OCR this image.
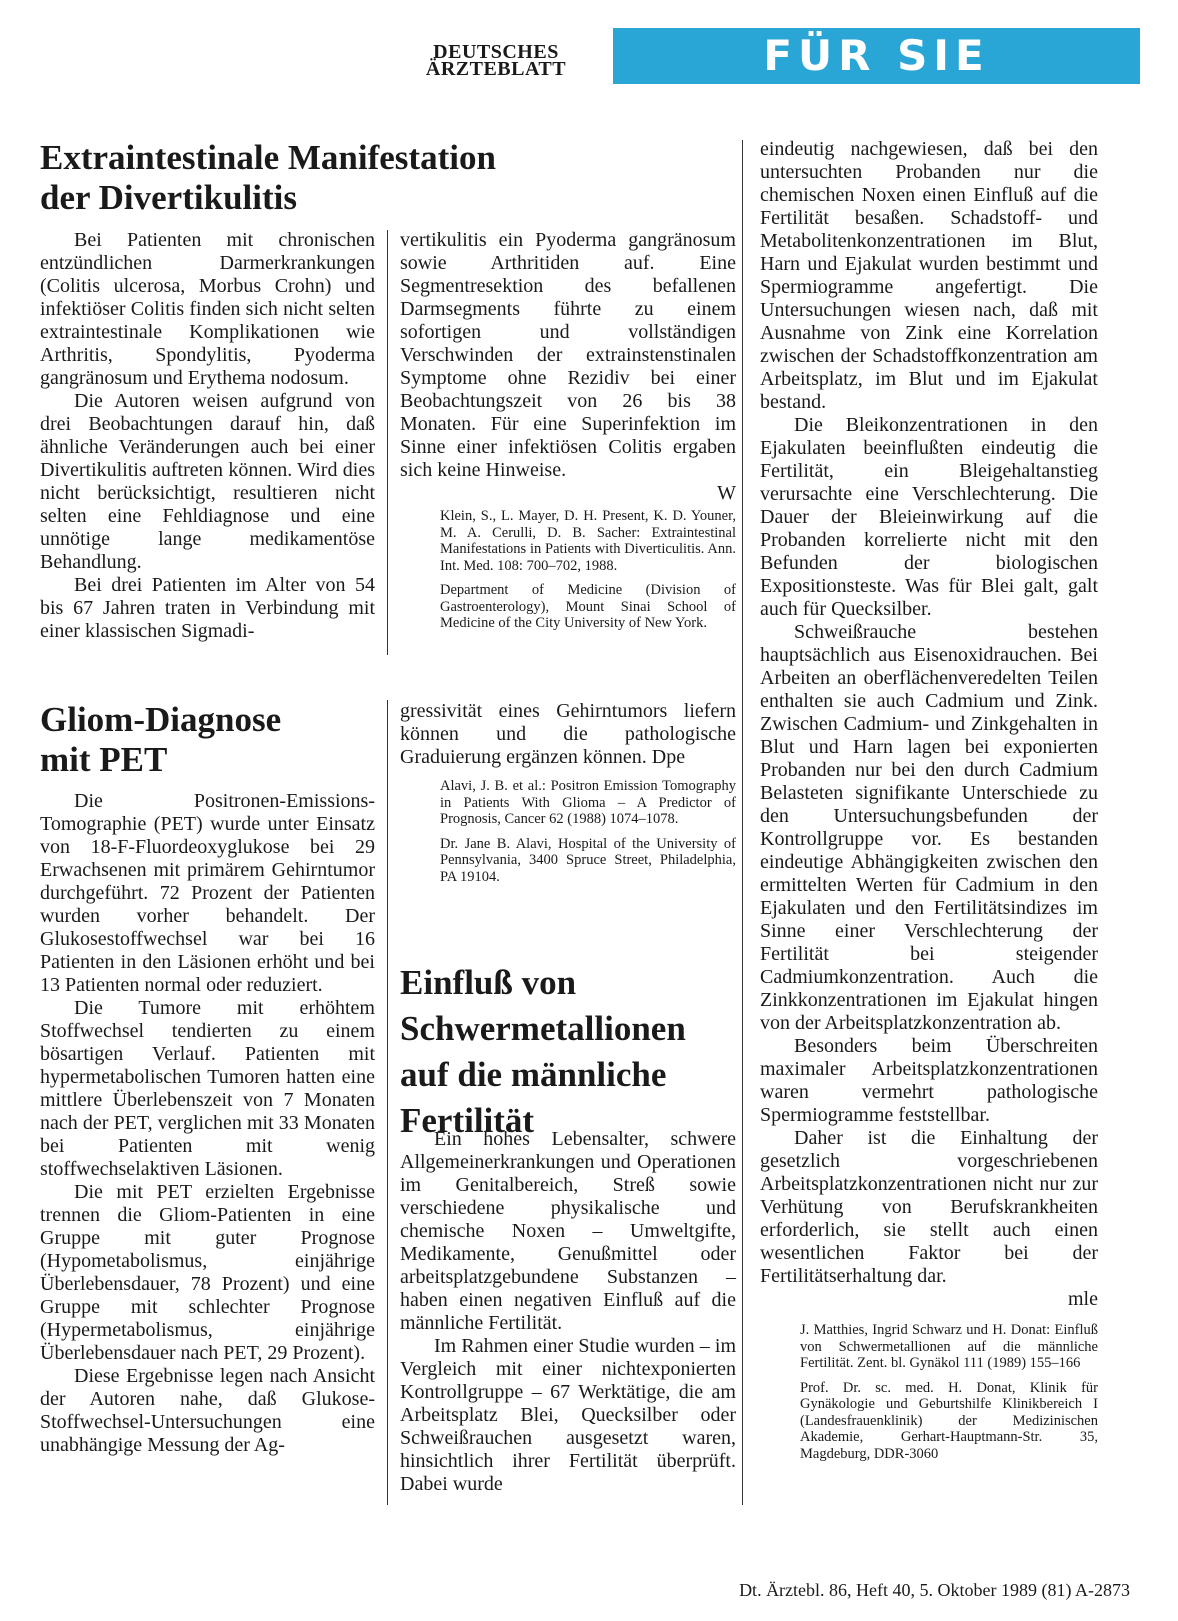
DEUTSCHES
ÄRZTEBLATT	FÜR SIE REFERIERT
Extraintestinale Manifestation
der Divertikulitis

Bei Patienten mit chronischen entzündlichen Darmerkrankungen (Colitis ulcerosa, Morbus Crohn) und infektiöser Colitis finden sich nicht selten extraintestinale Komplikationen wie Arthritis, Spondylitis, Pyoderma gangränosum und Erythema nodosum.

Die Autoren weisen aufgrund von drei Beobachtungen darauf hin, daß ähnliche Veränderungen auch bei einer Divertikulitis auftreten können. Wird dies nicht berücksichtigt, resultieren nicht selten eine Fehldiagnose und eine unnötige lange medikamentöse Behandlung.

Bei drei Patienten im Alter von 54 bis 67 Jahren traten in Verbindung mit einer klassischen Sigmadi-

vertikulitis ein Pyoderma gangränosum sowie Arthritiden auf. Eine Segmentresektion des befallenen Darmsegments führte zu einem sofortigen und vollständigen Verschwinden der extrainstenstinalen Symptome ohne Rezidiv bei einer Beobachtungszeit von 26 bis 38 Monaten. Für eine Superinfektion im Sinne einer infektiösen Colitis ergaben sich keine Hinweise.

W

Klein, S., L. Mayer, D. H. Present, K. D. Youner, M. A. Cerulli, D. B. Sacher: Extraintestinal Manifestations in Patients with Diverticulitis. Ann. Int. Med. 108: 700–702, 1988.

Department of Medicine (Division of Gastroenterology), Mount Sinai School of Medicine of the City University of New York.

Gliom-Diagnose
mit PET

Die Positronen-Emissions-Tomographie (PET) wurde unter Einsatz von 18-F-Fluordeoxyglukose bei 29 Erwachsenen mit primärem Gehirntumor durchgeführt. 72 Prozent der Patienten wurden vorher behandelt. Der Glukosestoffwechsel war bei 16 Patienten in den Läsionen erhöht und bei 13 Patienten normal oder reduziert.

Die Tumore mit erhöhtem Stoffwechsel tendierten zu einem bösartigen Verlauf. Patienten mit hypermetabolischen Tumoren hatten eine mittlere Überlebenszeit von 7 Monaten nach der PET, verglichen mit 33 Monaten bei Patienten mit wenig stoffwechselaktiven Läsionen.

Die mit PET erzielten Ergebnisse trennen die Gliom-Patienten in eine Gruppe mit guter Prognose (Hypometabolismus, einjährige Überlebensdauer, 78 Prozent) und eine Gruppe mit schlechter Prognose (Hypermetabolismus, einjährige Überlebensdauer nach PET, 29 Prozent).

Diese Ergebnisse legen nach Ansicht der Autoren nahe, daß Glukose-Stoffwechsel-Untersuchungen eine unabhängige Messung der Ag-

gressivität eines Gehirntumors liefern können und die pathologische Graduierung ergänzen können. Dpe

Alavi, J. B. et al.: Positron Emission Tomography in Patients With Glioma – A Predictor of Prognosis, Cancer 62 (1988) 1074–1078.

Dr. Jane B. Alavi, Hospital of the University of Pennsylvania, 3400 Spruce Street, Philadelphia, PA 19104.

Einfluß von
Schwermetallionen
auf die männliche
Fertilität

Ein hohes Lebensalter, schwere Allgemeinerkrankungen und Operationen im Genitalbereich, Streß sowie verschiedene physikalische und chemische Noxen – Umweltgifte, Medikamente, Genußmittel oder arbeitsplatzgebundene Substanzen – haben einen negativen Einfluß auf die männliche Fertilität.

Im Rahmen einer Studie wurden – im Vergleich mit einer nichtexponierten Kontrollgruppe – 67 Werktätige, die am Arbeitsplatz Blei, Quecksilber oder Schweißrauchen ausgesetzt waren, hinsichtlich ihrer Fertilität überprüft. Dabei wurde

eindeutig nachgewiesen, daß bei den untersuchten Probanden nur die chemischen Noxen einen Einfluß auf die Fertilität besaßen. Schadstoff- und Metabolitenkonzentrationen im Blut, Harn und Ejakulat wurden bestimmt und Spermiogramme angefertigt. Die Untersuchungen wiesen nach, daß mit Ausnahme von Zink eine Korrelation zwischen der Schadstoffkonzentration am Arbeitsplatz, im Blut und im Ejakulat bestand.

Die Bleikonzentrationen in den Ejakulaten beeinflußten eindeutig die Fertilität, ein Bleigehaltanstieg verursachte eine Verschlechterung. Die Dauer der Bleieinwirkung auf die Probanden korrelierte nicht mit den Befunden der biologischen Expositionsteste. Was für Blei galt, galt auch für Quecksilber.

Schweißrauche bestehen hauptsächlich aus Eisenoxidrauchen. Bei Arbeiten an oberflächenveredelten Teilen enthalten sie auch Cadmium und Zink. Zwischen Cadmium- und Zinkgehalten in Blut und Harn lagen bei exponierten Probanden nur bei den durch Cadmium Belasteten signifikante Unterschiede zu den Untersuchungsbefunden der Kontrollgruppe vor. Es bestanden eindeutige Abhängigkeiten zwischen den ermittelten Werten für Cadmium in den Ejakulaten und den Fertilitätsindizes im Sinne einer Verschlechterung der Fertilität bei steigender Cadmiumkonzentration. Auch die Zinkkonzentrationen im Ejakulat hingen von der Arbeitsplatzkonzentration ab.

Besonders beim Überschreiten maximaler Arbeitsplatzkonzentrationen waren vermehrt pathologische Spermiogramme feststellbar.

Daher ist die Einhaltung der gesetzlich vorgeschriebenen Arbeitsplatzkonzentrationen nicht nur zur Verhütung von Berufskrankheiten erforderlich, sie stellt auch einen wesentlichen Faktor bei der Fertilitätserhaltung dar.

mle

J. Matthies, Ingrid Schwarz und H. Donat: Einfluß von Schwermetallionen auf die männliche Fertilität. Zent. bl. Gynäkol 111 (1989) 155–166

Prof. Dr. sc. med. H. Donat, Klinik für Gynäkologie und Geburtshilfe Klinikbereich I (Landesfrauenklinik) der Medizinischen Akademie, Gerhart-Hauptmann-Str. 35, Magdeburg, DDR-3060

Dt. Ärztebl. 86, Heft 40, 5. Oktober 1989 (81) A-2873
